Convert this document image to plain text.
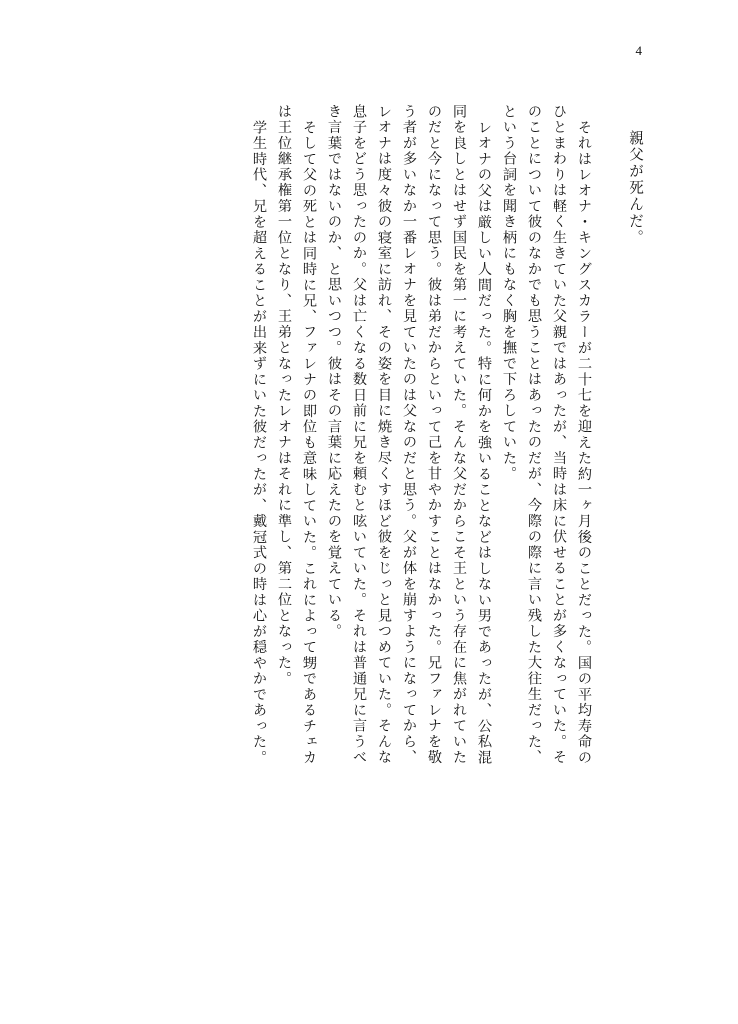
4
親父が死んだ。
それはレオナ・キングスカラーが二十七を迎えた約一ヶ月後のことだった。国の平均寿命の
ひとまわりは軽く生きていた父親ではあったが、当時は床に伏せることが多くなっていた。そ
のことについて彼のなかでも思うことはあったのだが、今際の際に言い残した大往生だった、
という台詞を聞き柄にもなく胸を撫で下ろしていた。
レオナの父は厳しい人間だった。特に何かを強いることなどはしない男であったが、公私混
同を良しとはせず国民を第一に考えていた。そんな父だからこそ王という存在に焦がれていた
のだと今になって思う。彼は弟だからといって己を甘やかすことはなかった。兄ファレナを敬
う者が多いなか一番レオナを見ていたのは父なのだと思う。父が体を崩すようになってから、
レオナは度々彼の寝室に訪れ、その姿を目に焼き尽くすほど彼をじっと見つめていた。そんな
息子をどう思ったのか。父は亡くなる数日前に兄を頼むと呟いていた。それは普通兄に言うべ
き言葉ではないのか、と思いつつ。彼はその言葉に応えたのを覚えている。
そして父の死とは同時に兄、ファレナの即位も意味していた。これによって甥であるチェカ
は王位継承権第一位となり、王弟となったレオナはそれに準し、第二位となった。
学生時代、兄を超えることが出来ずにいた彼だったが、戴冠式の時は心が穏やかであった。
